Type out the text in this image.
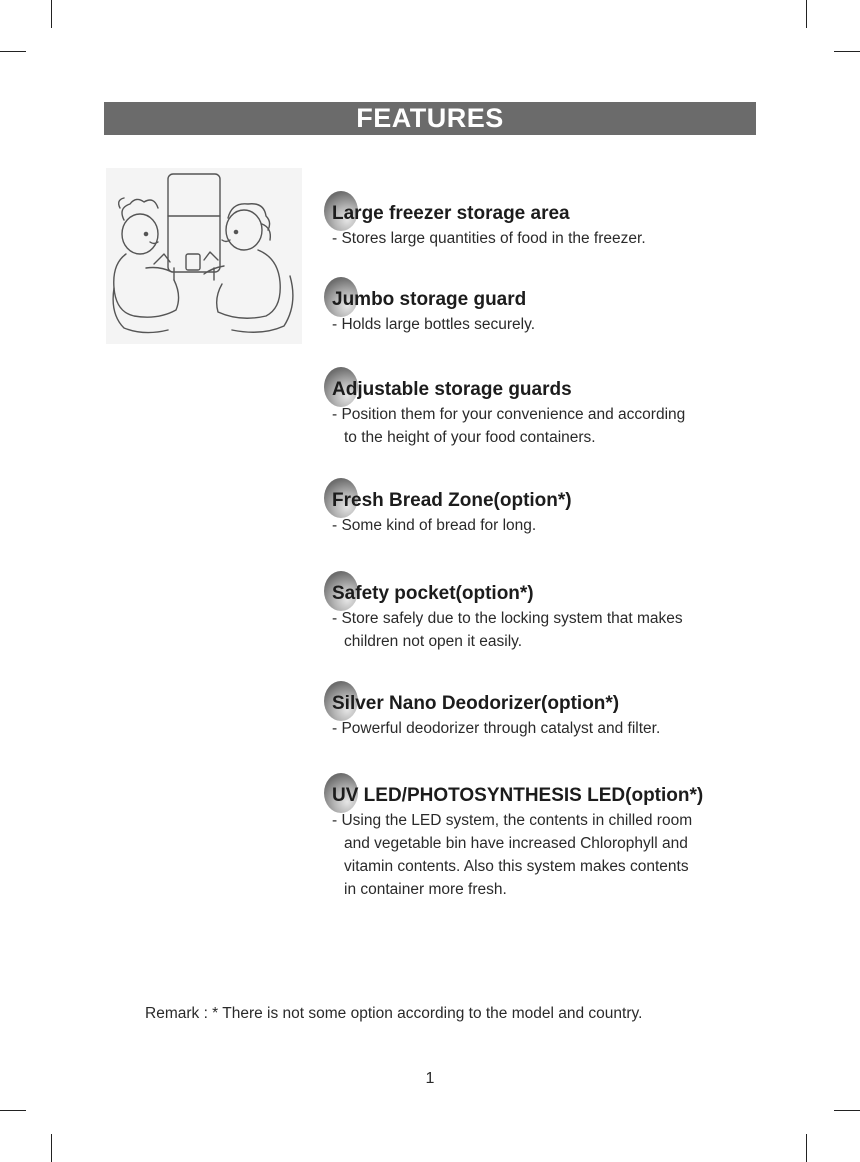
FEATURES
Large freezer storage area
- Stores large quantities of food in the freezer.
Jumbo storage guard
- Holds large bottles securely.
Adjustable storage guards
- Position them for your convenience and according
to the height of your food containers.
Fresh Bread Zone(option*)
- Some kind of bread for long.
Safety pocket(option*)
- Store safely due to the locking system that makes
children not open it easily.
Silver Nano Deodorizer(option*)
- Powerful deodorizer through catalyst and filter.
UV LED/PHOTOSYNTHESIS LED(option*)
- Using the LED system, the contents in chilled room
and vegetable bin have increased Chlorophyll and
vitamin contents. Also this system makes contents
in container more fresh.
Remark : * There is not some option according to the model and country.
1
